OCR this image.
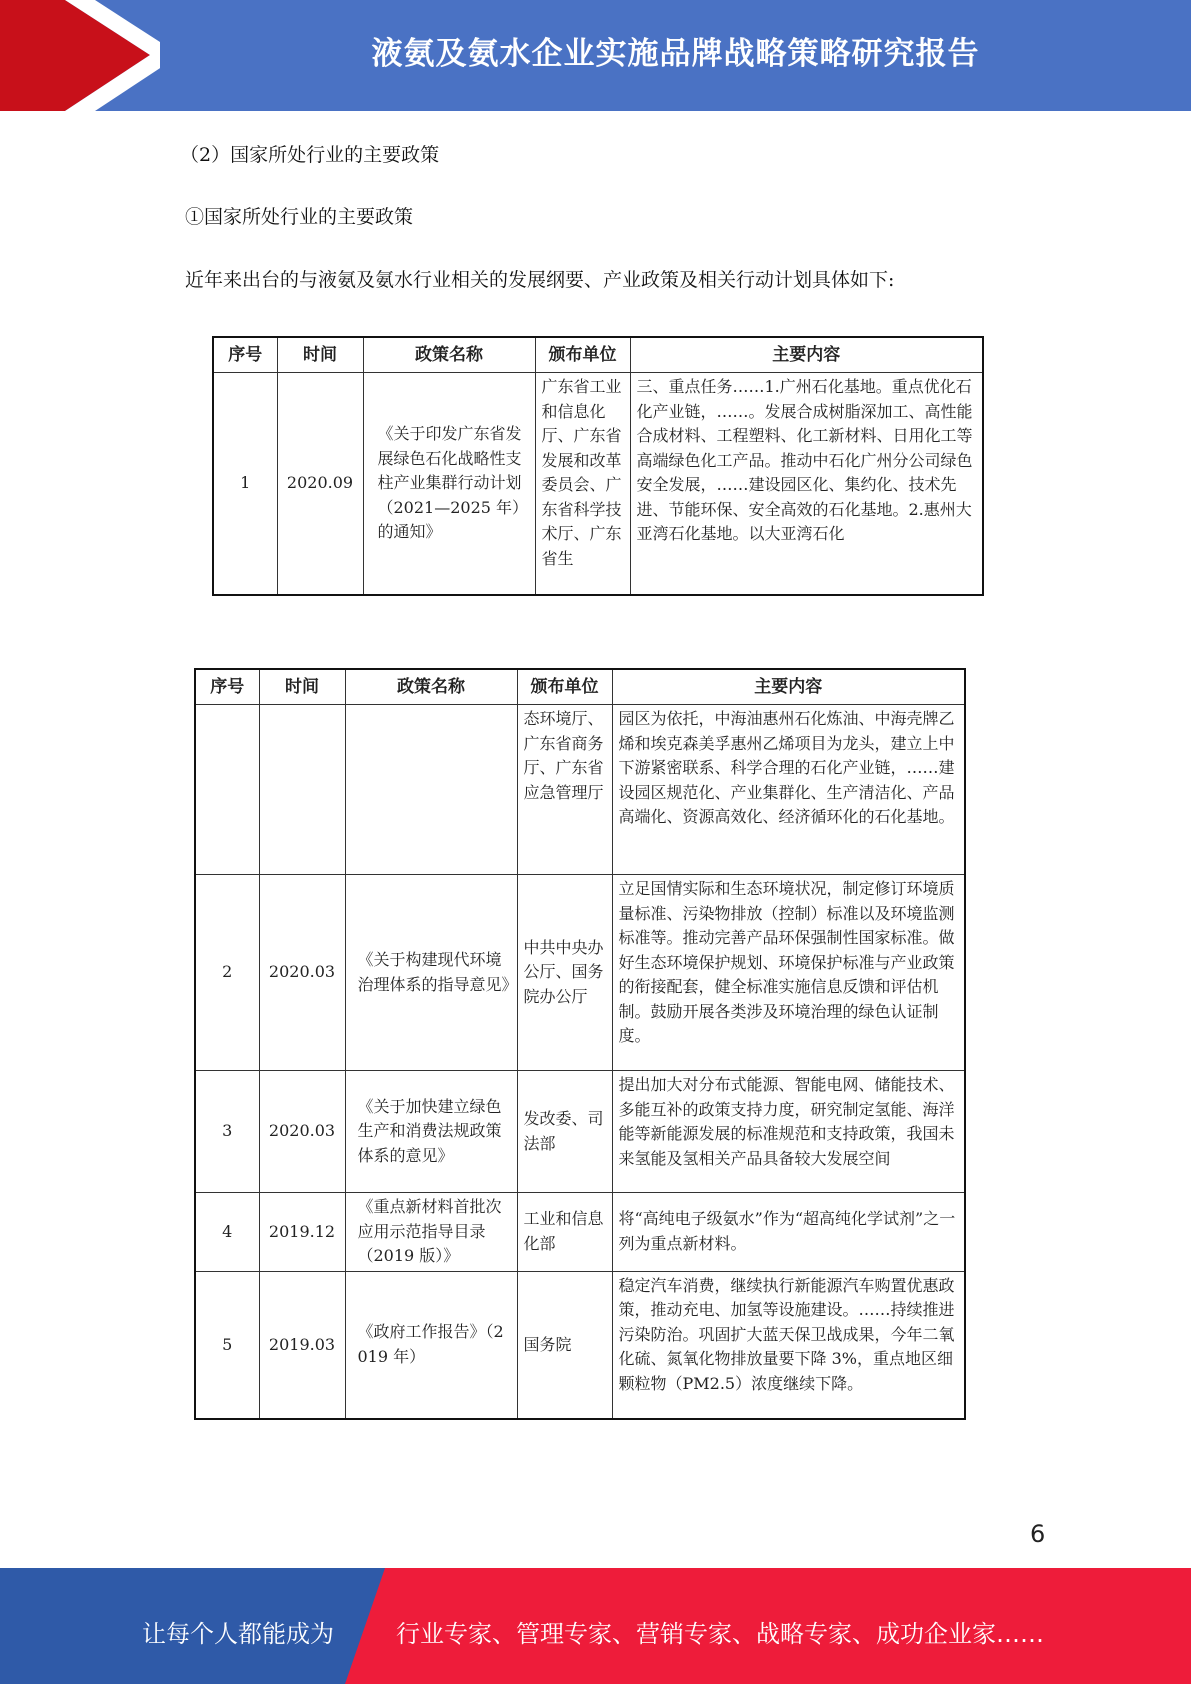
液氨及氨水企业实施品牌战略策略研究报告
（2）国家所处行业的主要政策
①国家所处行业的主要政策
近年来出台的与液氨及氨水行业相关的发展纲要、产业政策及相关行动计划具体如下:
序号	时间	政策名称	颁布单位	主要内容
1	2020.09	《关于印发广东省发展绿色石化战略性支柱产业集群行动计划（2021—2025 年）的通知》	广东省工业和信息化厅、广东省发展和改革委员会、广东省科学技术厅、广东省生	三、重点任务……1.广州石化基地。重点优化石化产业链，……。发展合成树脂深加工、高性能合成材料、工程塑料、化工新材料、日用化工等高端绿色化工产品。推动中石化广州分公司绿色安全发展，……建设园区化、集约化、技术先进、节能环保、安全高效的石化基地。2.惠州大亚湾石化基地。以大亚湾石化
序号	时间	政策名称	颁布单位	主要内容
			态环境厅、广东省商务厅、广东省应急管理厅	园区为依托，中海油惠州石化炼油、中海壳牌乙烯和埃克森美孚惠州乙烯项目为龙头，建立上中下游紧密联系、科学合理的石化产业链，……建设园区规范化、产业集群化、生产清洁化、产品高端化、资源高效化、经济循环化的石化基地。
2	2020.03	《关于构建现代环境治理体系的指导意见》	中共中央办公厅、国务院办公厅	立足国情实际和生态环境状况，制定修订环境质量标准、污染物排放（控制）标准以及环境监测标准等。推动完善产品环保强制性国家标准。做好生态环境保护规划、环境保护标准与产业政策的衔接配套，健全标准实施信息反馈和评估机制。鼓励开展各类涉及环境治理的绿色认证制度。
3	2020.03	《关于加快建立绿色生产和消费法规政策体系的意见》	发改委、司法部	提出加大对分布式能源、智能电网、储能技术、多能互补的政策支持力度，研究制定氢能、海洋能等新能源发展的标准规范和支持政策，我国未来氢能及氢相关产品具备较大发展空间
4	2019.12	《重点新材料首批次应用示范指导目录（2019 版）》	工业和信息化部	将“高纯电子级氨水”作为“超高纯化学试剂”之一列为重点新材料。
5	2019.03	《政府工作报告》（2019 年）	国务院	稳定汽车消费，继续执行新能源汽车购置优惠政策，推动充电、加氢等设施建设。……持续推进污染防治。巩固扩大蓝天保卫战成果，今年二氧化硫、氮氧化物排放量要下降 3%，重点地区细颗粒物（PM2.5）浓度继续下降。
6
让每个人都能成为	行业专家、管理专家、营销专家、战略专家、成功企业家……
